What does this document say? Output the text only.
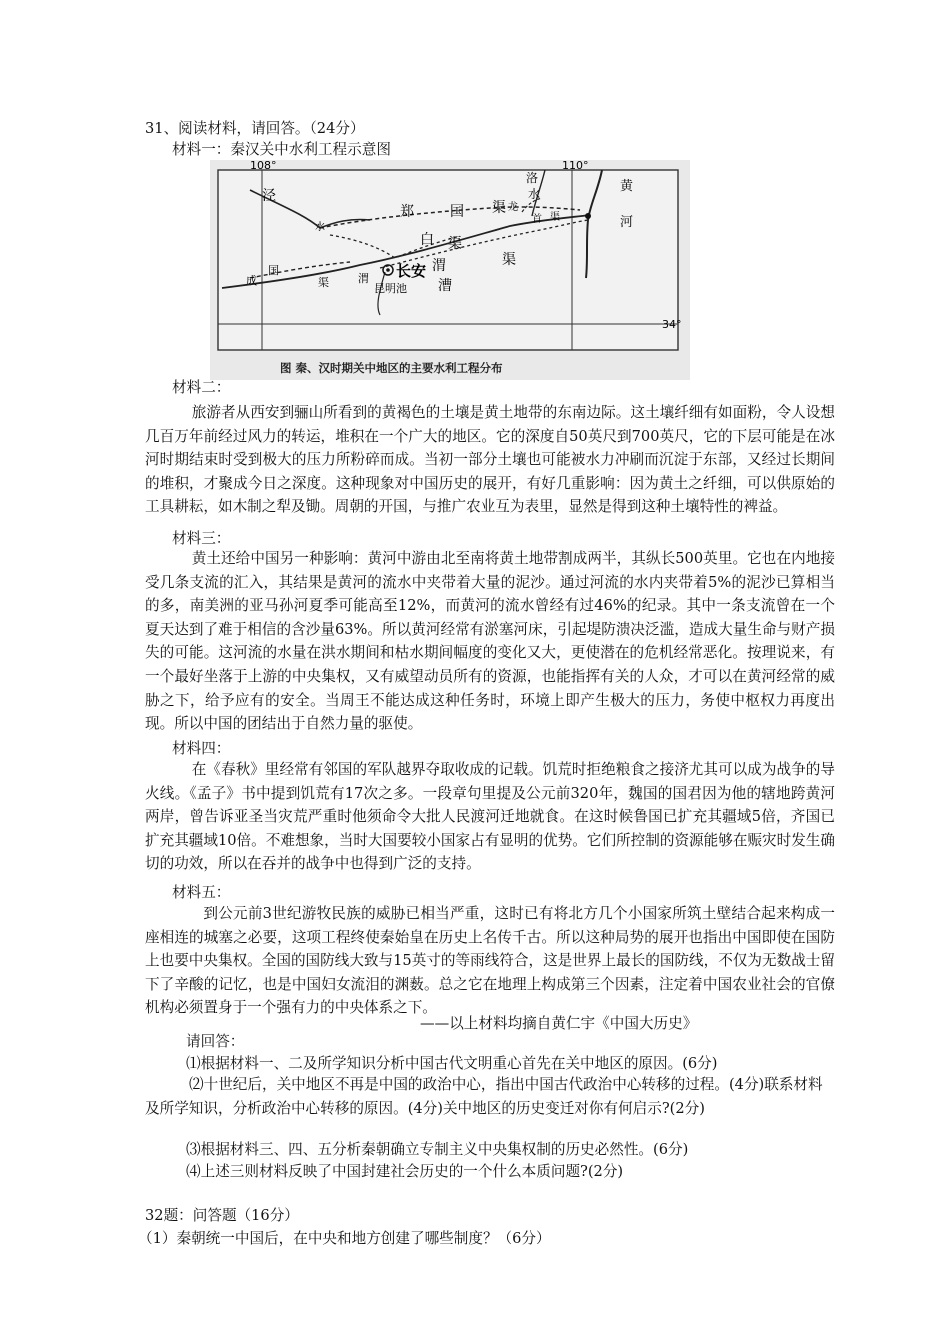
31、阅读材料，请回答。（24分）
材料一：秦汉关中水利工程示意图
108°	110°
34°
泾
水
郑	国 渠
白 渠
渭
漕
渠
洛
水
龙
首 渠
黄
河
成
国
渠	渭 长安
昆明池
图 秦、汉时期关中地区的主要水利工程分布
材料二：
旅游者从西安到骊山所看到的黄褐色的土壤是黄土地带的东南边际。这土壤纤细有如面粉，令人设想几百万年前经过风力的转运，堆积在一个广大的地区。它的深度自50英尺到700英尺，它的下层可能是在冰河时期结束时受到极大的压力所粉碎而成。当初一部分土壤也可能被水力冲刷而沉淀于东部，又经过长期间的堆积，才聚成今日之深度。这种现象对中国历史的展开，有好几重影响：因为黄土之纤细，可以供原始的工具耕耘，如木制之犁及锄。周朝的开国，与推广农业互为表里，显然是得到这种土壤特性的裨益。
材料三：
黄土还给中国另一种影响：黄河中游由北至南将黄土地带割成两半，其纵长500英里。它也在内地接受几条支流的汇入，其结果是黄河的流水中夹带着大量的泥沙。通过河流的水内夹带着5%的泥沙已算相当的多，南美洲的亚马孙河夏季可能高至12%，而黄河的流水曾经有过46%的纪录。其中一条支流曾在一个夏天达到了难于相信的含沙量63%。所以黄河经常有淤塞河床，引起堤防溃决泛滥，造成大量生命与财产损失的可能。这河流的水量在洪水期间和枯水期间幅度的变化又大，更使潜在的危机经常恶化。按理说来，有一个最好坐落于上游的中央集权，又有威望动员所有的资源，也能指挥有关的人众，才可以在黄河经常的威胁之下，给予应有的安全。当周王不能达成这种任务时，环境上即产生极大的压力，务使中枢权力再度出现。所以中国的团结出于自然力量的驱使。
材料四：
在《春秋》里经常有邻国的军队越界夺取收成的记载。饥荒时拒绝粮食之接济尤其可以成为战争的导火线。《孟子》书中提到饥荒有17次之多。一段章句里提及公元前320年，魏国的国君因为他的辖地跨黄河两岸，曾告诉亚圣当灾荒严重时他须命令大批人民渡河迁地就食。在这时候鲁国已扩充其疆域5倍，齐国已扩充其疆域10倍。不难想象，当时大国要较小国家占有显明的优势。它们所控制的资源能够在赈灾时发生确切的功效，所以在吞并的战争中也得到广泛的支持。
材料五：
到公元前3世纪游牧民族的威胁已相当严重，这时已有将北方几个小国家所筑土壁结合起来构成一座相连的城塞之必要，这项工程终使秦始皇在历史上名传千古。所以这种局势的展开也指出中国即使在国防上也要中央集权。全国的国防线大致与15英寸的等雨线符合，这是世界上最长的国防线，不仅为无数战士留下了辛酸的记忆，也是中国妇女流泪的渊薮。总之它在地理上构成第三个因素，注定着中国农业社会的官僚机构必须置身于一个强有力的中央体系之下。
——以上材料均摘自黄仁宇《中国大历史》
请回答：
⑴根据材料一、二及所学知识分析中国古代文明重心首先在关中地区的原因。(6分)
⑵十世纪后，关中地区不再是中国的政治中心，指出中国古代政治中心转移的过程。(4分)联系材料及所学知识，分析政治中心转移的原因。(4分)关中地区的历史变迁对你有何启示?(2分)
⑶根据材料三、四、五分析秦朝确立专制主义中央集权制的历史必然性。(6分)
⑷上述三则材料反映了中国封建社会历史的一个什么本质问题?(2分)
32题：问答题（16分）
（1）秦朝统一中国后，在中央和地方创建了哪些制度？（6分）
